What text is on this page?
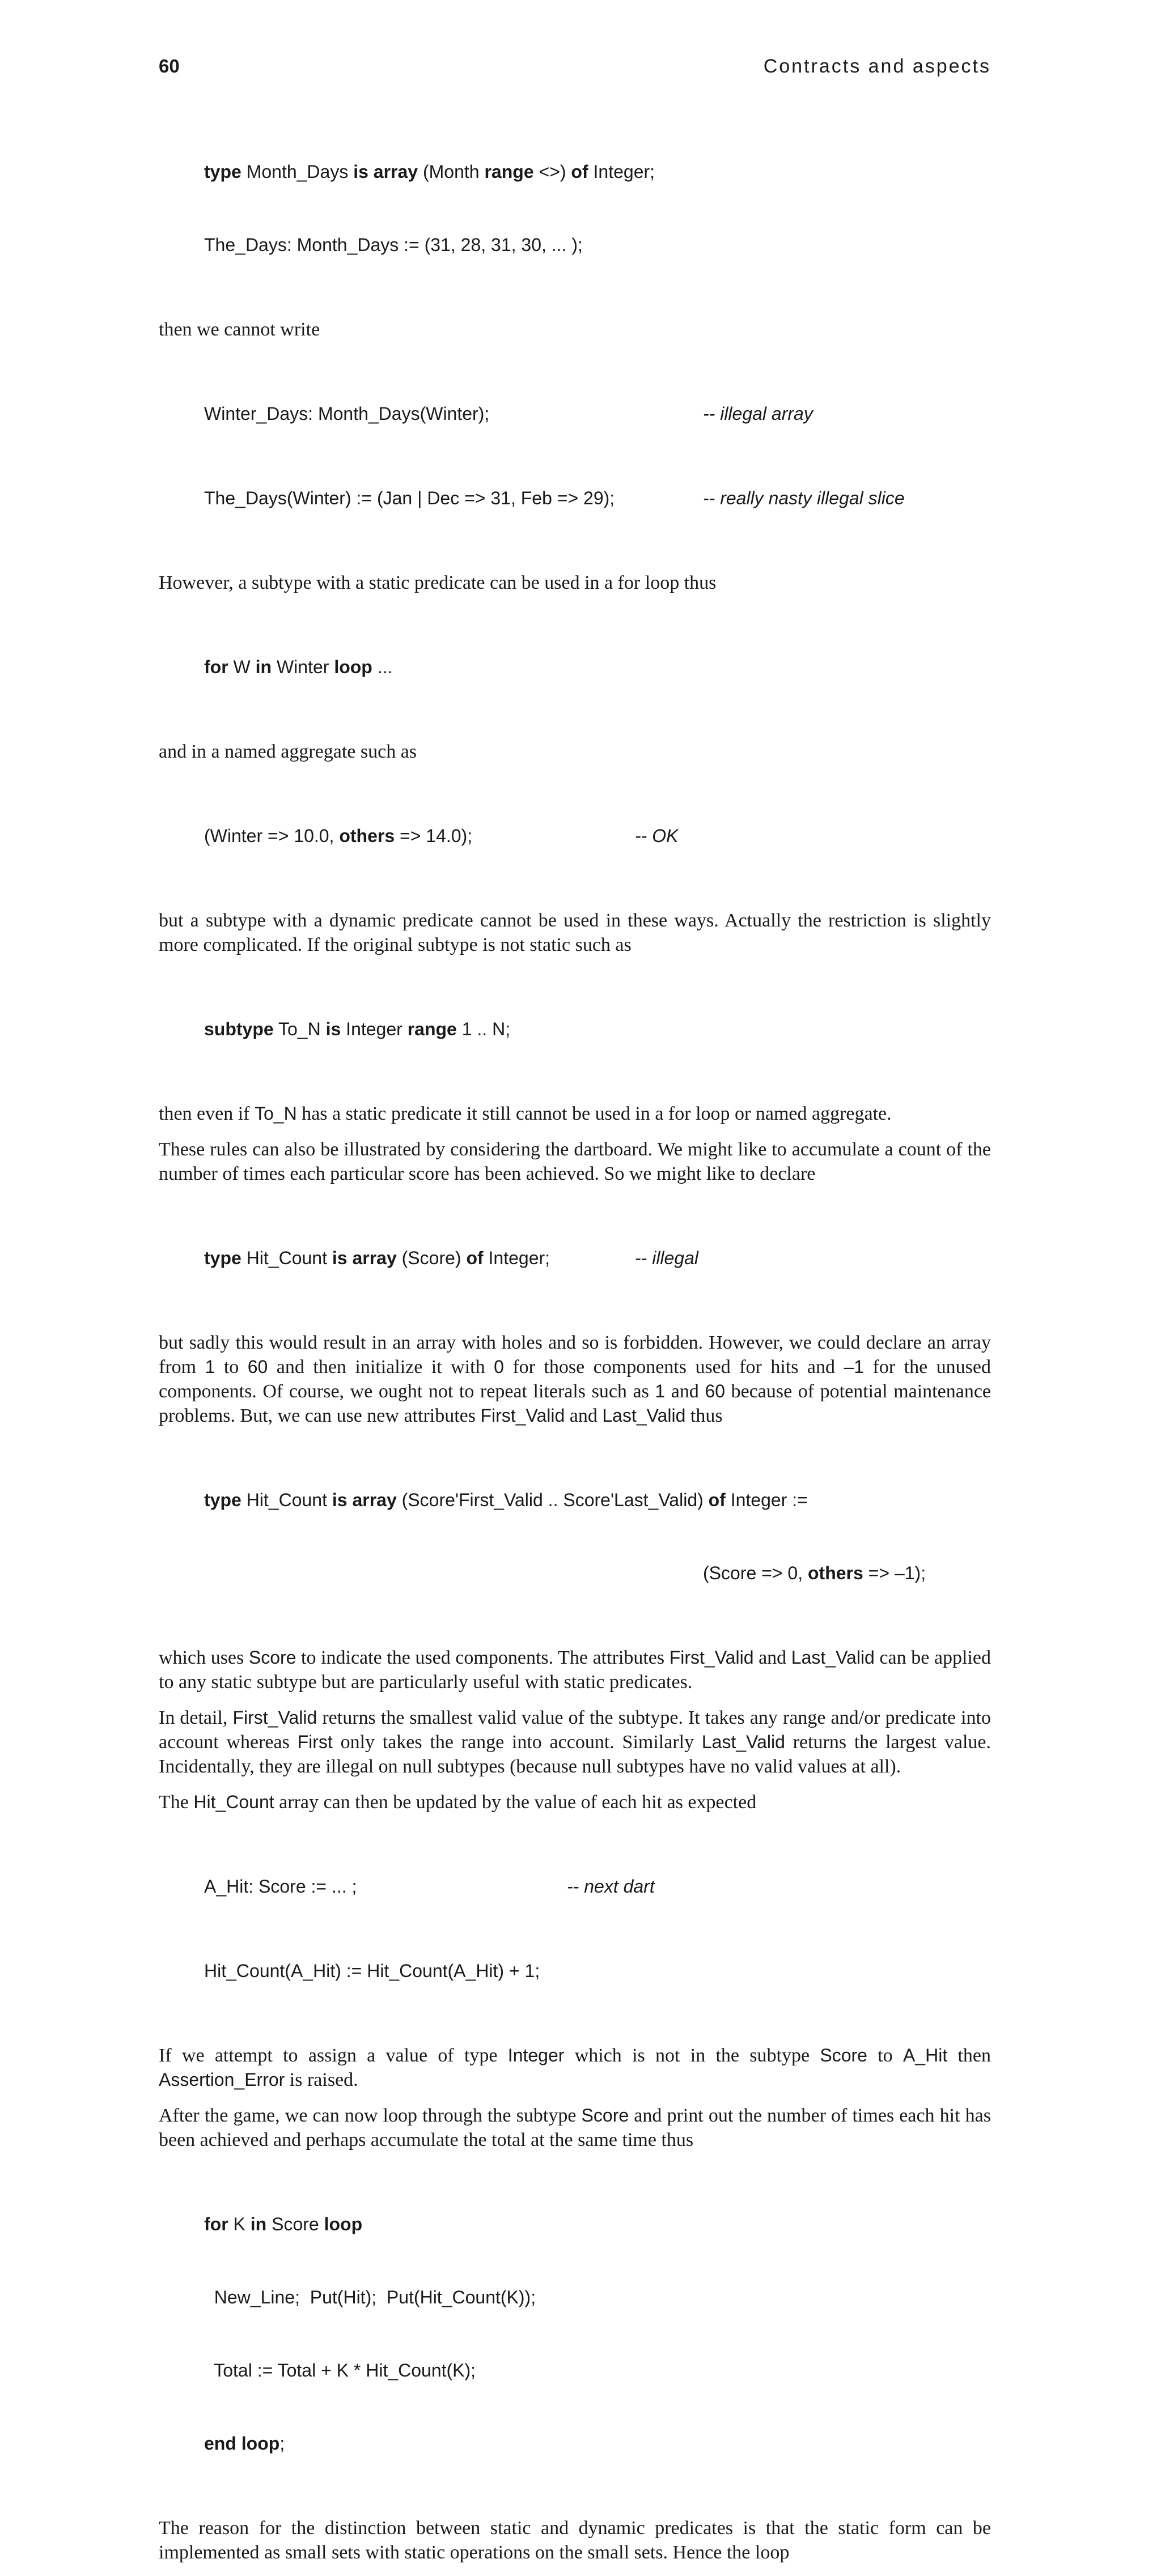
60	Contracts and aspects

type Month_Days is array (Month range <>) of Integer;

The_Days: Month_Days := (31, 28, 31, 30, ... );

then we cannot write

Winter_Days: Month_Days(Winter);	-- illegal array

The_Days(Winter) := (Jan | Dec => 31, Feb => 29);	-- really nasty illegal slice

However, a subtype with a static predicate can be used in a for loop thus

for W in Winter loop ...

and in a named aggregate such as

(Winter => 10.0, others => 14.0);	-- OK

but a subtype with a dynamic predicate cannot be used in these ways. Actually the restriction is slightly more complicated. If the original subtype is not static such as

subtype To_N is Integer range 1 .. N;

then even if To_N has a static predicate it still cannot be used in a for loop or named aggregate.

These rules can also be illustrated by considering the dartboard. We might like to accumulate a count of the number of times each particular score has been achieved. So we might like to declare

type Hit_Count is array (Score) of Integer;	-- illegal

but sadly this would result in an array with holes and so is forbidden. However, we could declare an array from 1 to 60 and then initialize it with 0 for those components used for hits and –1 for the unused components. Of course, we ought not to repeat literals such as 1 and 60 because of potential maintenance problems. But, we can use new attributes First_Valid and Last_Valid thus

type Hit_Count is array (Score'First_Valid .. Score'Last_Valid) of Integer :=

(Score => 0, others => –1);

which uses Score to indicate the used components. The attributes First_Valid and Last_Valid can be applied to any static subtype but are particularly useful with static predicates.

In detail, First_Valid returns the smallest valid value of the subtype. It takes any range and/or predicate into account whereas First only takes the range into account. Similarly Last_Valid returns the largest value. Incidentally, they are illegal on null subtypes (because null subtypes have no valid values at all).

The Hit_Count array can then be updated by the value of each hit as expected

A_Hit: Score := ... ;	-- next dart

Hit_Count(A_Hit) := Hit_Count(A_Hit) + 1;

If we attempt to assign a value of type Integer which is not in the subtype Score to A_Hit then Assertion_Error is raised.

After the game, we can now loop through the subtype Score and print out the number of times each hit has been achieved and perhaps accumulate the total at the same time thus

for K in Score loop

New_Line;  Put(Hit);  Put(Hit_Count(K));

Total := Total + K * Hit_Count(K);

end loop;

The reason for the distinction between static and dynamic predicates is that the static form can be implemented as small sets with static operations on the small sets. Hence the loop
